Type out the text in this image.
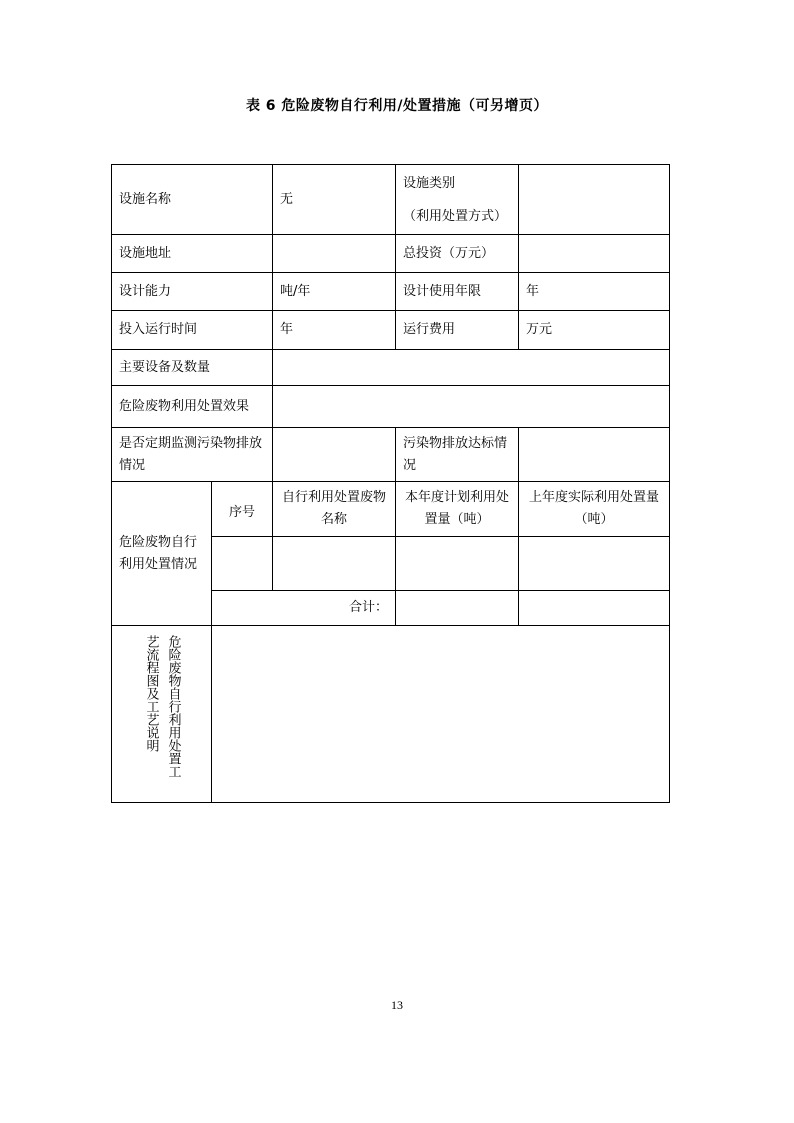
表 6 危险废物自行利用/处置措施（可另增页）
设施名称		无	设施类别
（利用处置方式）	

设施地址			总投资（万元）	
设计能力		吨/年	设计使用年限	年
投入运行时间		年	运行费用	万元
主要设备及数量				
危险废物利用处置效果				
是否定期监测污染物排放情况			污染物排放达标情况	
危险废物自行利用处置情况	序号	自行利用处置废物名称	本年度计划利用处置量（吨）	上年度实际利用处置量（吨）

	合计：			

危险废物自行利用处置工艺流程图及工艺说明				

13
